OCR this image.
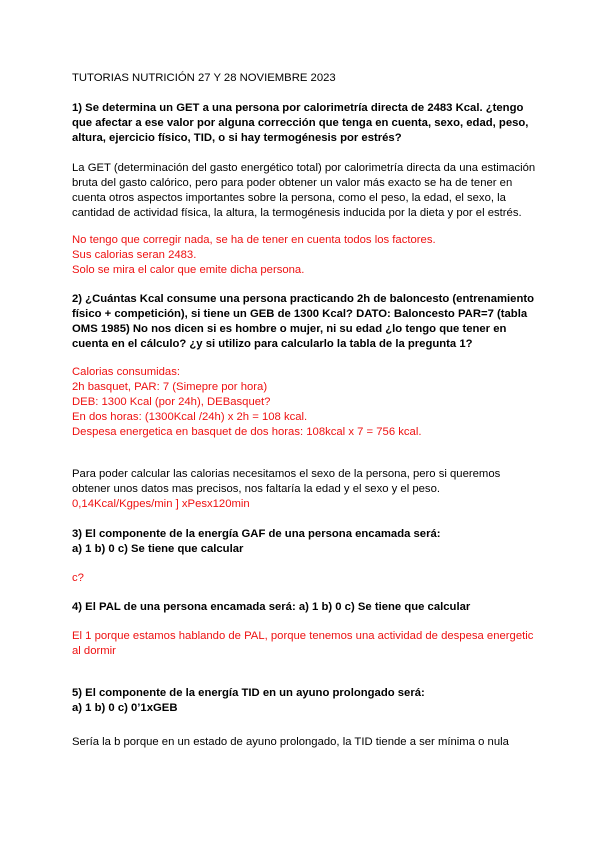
TUTORIAS NUTRICIÓN 27 Y 28 NOVIEMBRE 2023
1) Se determina un GET a una persona por calorimetría directa de 2483 Kcal. ¿tengo
que afectar a ese valor por alguna corrección que tenga en cuenta, sexo, edad, peso,
altura, ejercicio físico, TID, o si hay termogénesis por estrés?
La GET (determinación del gasto energético total) por calorimetría directa da una estimación
bruta del gasto calórico, pero para poder obtener un valor más exacto se ha de tener en
cuenta otros aspectos importantes sobre la persona, como el peso, la edad, el sexo, la
cantidad de actividad física, la altura, la termogénesis inducida por la dieta y por el estrés.
No tengo que corregir nada, se ha de tener en cuenta todos los factores.
Sus calorias seran 2483.
Solo se mira el calor que emite dicha persona.
2) ¿Cuántas Kcal consume una persona practicando 2h de baloncesto (entrenamiento
físico + competición), si tiene un GEB de 1300 Kcal? DATO: Baloncesto PAR=7 (tabla
OMS 1985) No nos dicen si es hombre o mujer, ni su edad ¿lo tengo que tener en
cuenta en el cálculo? ¿y si utilizo para calcularlo la tabla de la pregunta 1?
Calorias consumidas:
2h basquet, PAR: 7 (Simepre por hora)
DEB: 1300 Kcal (por 24h), DEBasquet?
En dos horas: (1300Kcal /24h) x 2h = 108 kcal.
Despesa energetica en basquet de dos horas: 108kcal x 7 = 756 kcal.
Para poder calcular las calorias necesitamos el sexo de la persona, pero si queremos
obtener unos datos mas precisos, nos faltaría la edad y el sexo y el peso.
0,14Kcal/Kgpes/min ] xPesx120min
3) El componente de la energía GAF de una persona encamada será:
a) 1 b) 0 c) Se tiene que calcular
c?
4) El PAL de una persona encamada será: a) 1 b) 0 c) Se tiene que calcular
El 1 porque estamos hablando de PAL, porque tenemos una actividad de despesa energetic
al dormir
5) El componente de la energía TID en un ayuno prolongado será:
a) 1 b) 0 c) 0’1xGEB
Sería la b porque en un estado de ayuno prolongado, la TID tiende a ser mínima o nula
